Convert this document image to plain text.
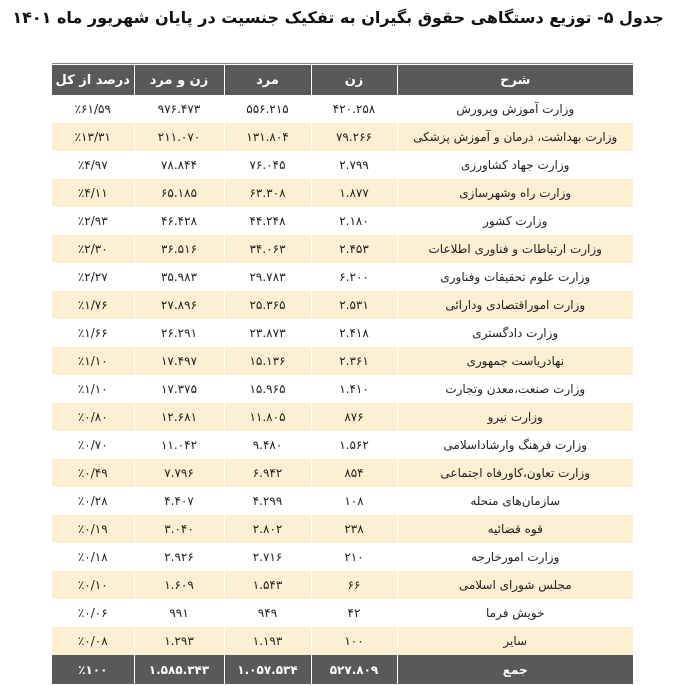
جدول ۵- توزیع دستگاهی حقوق بگیران به تفکیک جنسیت در پایان شهریور ماه ۱۴۰۱
شرح	زن	مرد	زن و مرد	درصد از کل
وزارت آموزش وپرورش	۴۲۰.۲۵۸	۵۵۶.۲۱۵	۹۷۶.۴۷۳	٪۶۱/۵۹
وزارت بهداشت، درمان و آموزش پزشکی	۷۹.۲۶۶	۱۳۱.۸۰۴	۲۱۱.۰۷۰	٪۱۳/۳۱
وزارت جهاد کشاورزی	۲.۷۹۹	۷۶.۰۴۵	۷۸.۸۴۴	٪۴/۹۷
وزارت راه وشهرسازی	۱.۸۷۷	۶۳.۳۰۸	۶۵.۱۸۵	٪۴/۱۱
وزارت کشور	۲.۱۸۰	۴۴.۲۴۸	۴۶.۴۲۸	٪۲/۹۳
وزارت ارتباطات و فناوری اطلاعات	۲.۴۵۳	۳۴.۰۶۳	۳۶.۵۱۶	٪۲/۳۰
وزارت علوم تحقیقات وفناوری	۶.۲۰۰	۲۹.۷۸۳	۳۵.۹۸۳	٪۲/۲۷
وزارت اموراقتصادی ودارائی	۲.۵۳۱	۲۵.۳۶۵	۲۷.۸۹۶	٪۱/۷۶
وزارت دادگستری	۲.۴۱۸	۲۳.۸۷۳	۲۶.۲۹۱	٪۱/۶۶
نهادریاست جمهوری	۲.۳۶۱	۱۵.۱۳۶	۱۷.۴۹۷	٪۱/۱۰
وزارت صنعت،معدن وتجارت	۱.۴۱۰	۱۵.۹۶۵	۱۷.۳۷۵	٪۱/۱۰
وزارت نیرو	۸۷۶	۱۱.۸۰۵	۱۲.۶۸۱	٪۰/۸۰
وزارت فرهنگ وارشاداسلامی	۱.۵۶۲	۹.۴۸۰	۱۱.۰۴۲	٪۰/۷۰
وزارت تعاون،کاورفاه اجتماعی	۸۵۴	۶.۹۴۲	۷.۷۹۶	٪۰/۴۹
سازمان‌های منحله	۱۰۸	۴.۲۹۹	۴.۴۰۷	٪۰/۲۸
قوه قضائیه	۲۳۸	۲.۸۰۲	۳.۰۴۰	٪۰/۱۹
وزارت امورخارجه	۲۱۰	۲.۷۱۶	۲.۹۲۶	٪۰/۱۸
مجلس شورای اسلامی	۶۶	۱.۵۴۳	۱.۶۰۹	٪۰/۱۰
خویش فرما	۴۲	۹۴۹	۹۹۱	٪۰/۰۶
سایر	۱۰۰	۱.۱۹۳	۱.۲۹۳	٪۰/۰۸
جمع	۵۲۷.۸۰۹	۱.۰۵۷.۵۳۴	۱.۵۸۵.۳۴۳	٪۱۰۰
